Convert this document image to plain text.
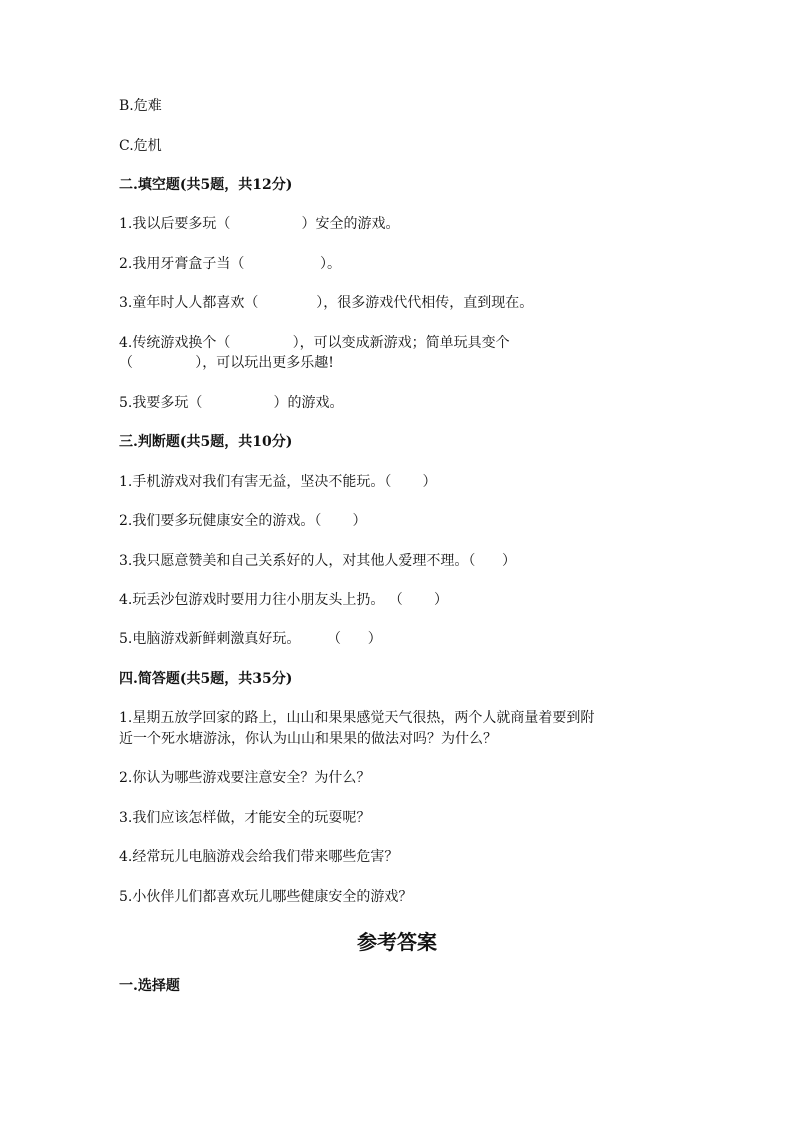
B.危难
C.危机
二.填空题(共5题，共12分)
1.我以后要多玩（                ）安全的游戏。
2.我用牙膏盒子当（                 ）。
3.童年时人人都喜欢（             ），很多游戏代代相传，直到现在。
4.传统游戏换个（              ），可以变成新游戏；简单玩具变个
（              ），可以玩出更多乐趣!
5.我要多玩（                ）的游戏。
三.判断题(共5题，共10分)
1.手机游戏对我们有害无益，坚决不能玩。（       ）
2.我们要多玩健康安全的游戏。（       ）
3.我只愿意赞美和自己关系好的人，对其他人爱理不理。（      ）
4.玩丢沙包游戏时要用力往小朋友头上扔。 （       ）
5.电脑游戏新鲜刺激真好玩。      （      ）
四.简答题(共5题，共35分)
1.星期五放学回家的路上，山山和果果感觉天气很热，两个人就商量着要到附
近一个死水塘游泳，你认为山山和果果的做法对吗？为什么？
2.你认为哪些游戏要注意安全？为什么？
3.我们应该怎样做，才能安全的玩耍呢？
4.经常玩儿电脑游戏会给我们带来哪些危害？
5.小伙伴儿们都喜欢玩儿哪些健康安全的游戏？
参考答案
一.选择题
